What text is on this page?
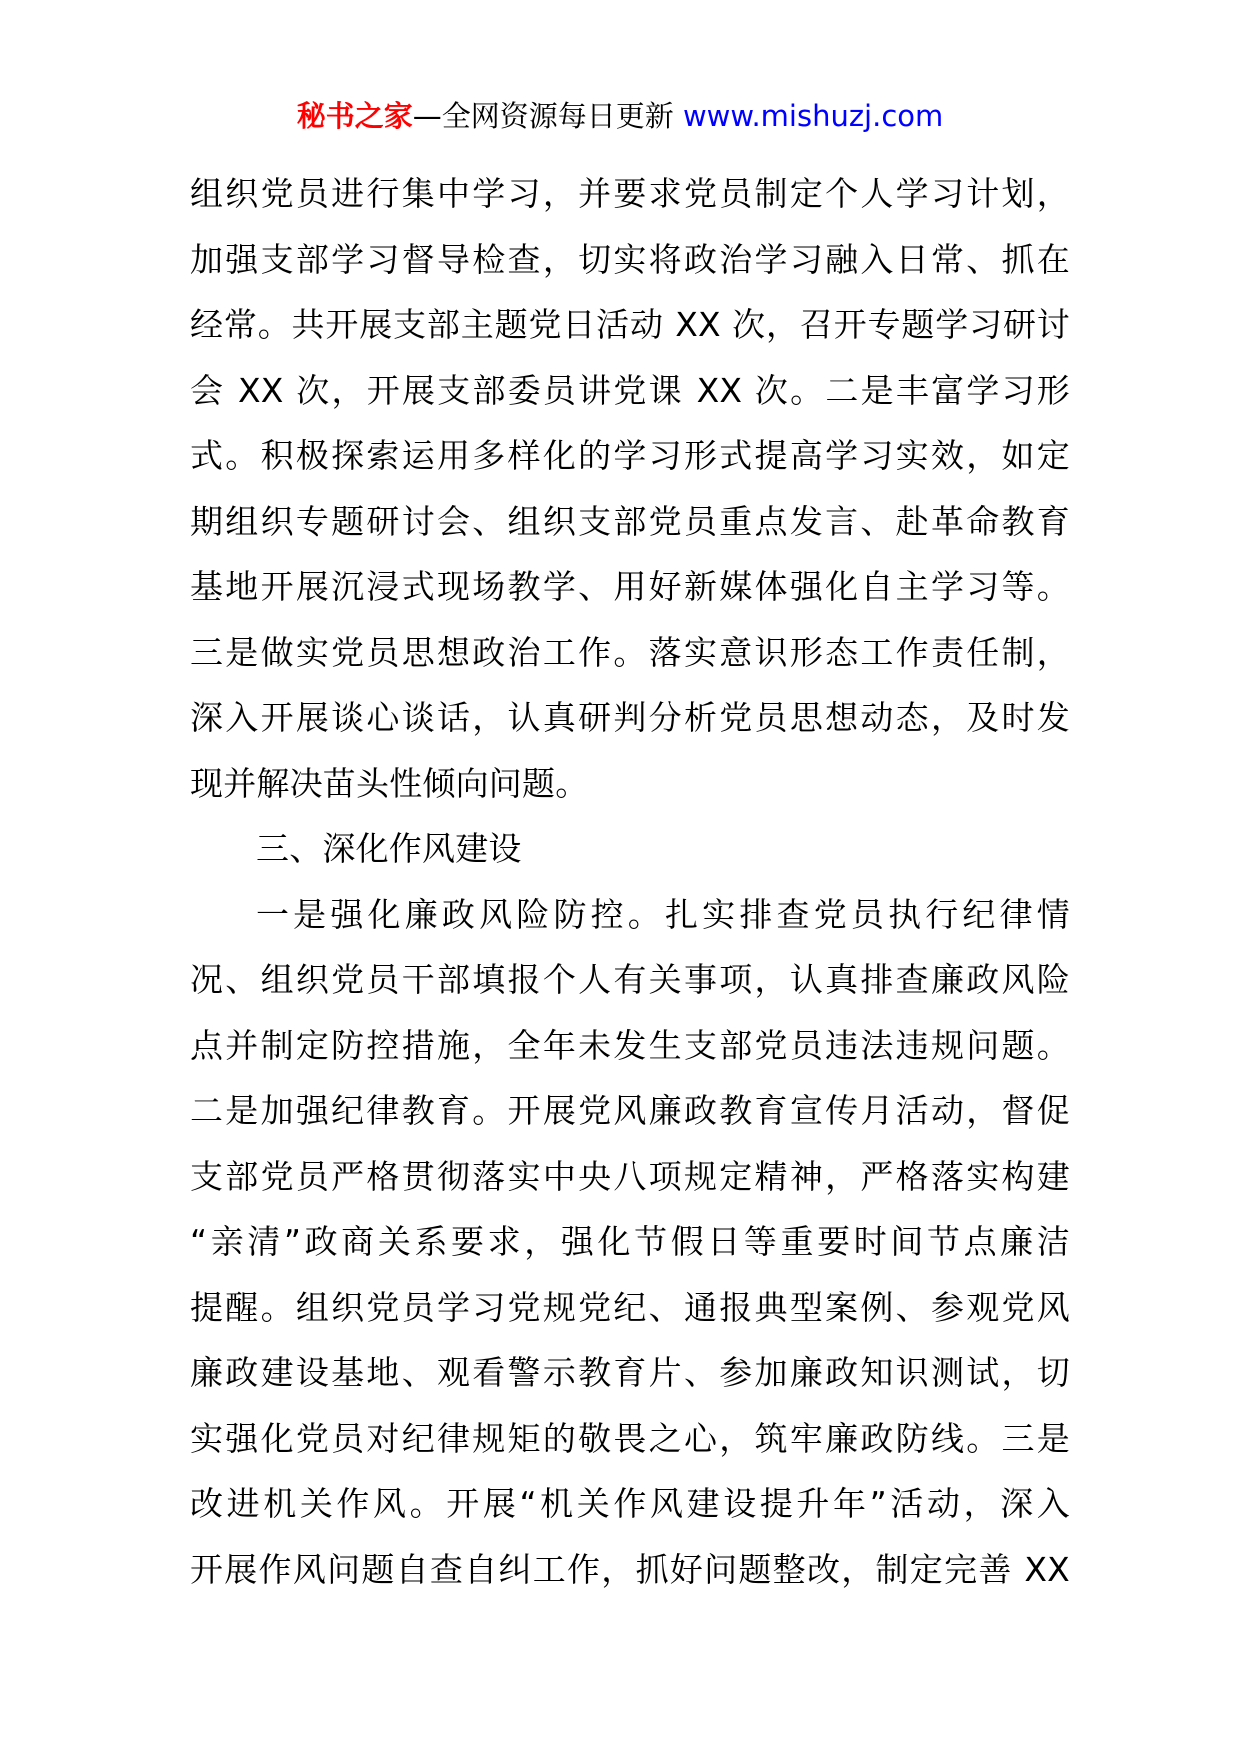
秘书之家—全网资源每日更新 www.mishuzj.com
组织党员进行集中学习，并要求党员制定个人学习计划，
加强支部学习督导检查，切实将政治学习融入日常、抓在
经常。共开展支部主题党日活动 XX 次，召开专题学习研讨
会 XX 次，开展支部委员讲党课 XX 次。二是丰富学习形
式。积极探索运用多样化的学习形式提高学习实效，如定
期组织专题研讨会、组织支部党员重点发言、赴革命教育
基地开展沉浸式现场教学、用好新媒体强化自主学习等。
三是做实党员思想政治工作。落实意识形态工作责任制，
深入开展谈心谈话，认真研判分析党员思想动态，及时发
现并解决苗头性倾向问题。
三、深化作风建设
一是强化廉政风险防控。扎实排查党员执行纪律情
况、组织党员干部填报个人有关事项，认真排查廉政风险
点并制定防控措施，全年未发生支部党员违法违规问题。
二是加强纪律教育。开展党风廉政教育宣传月活动，督促
支部党员严格贯彻落实中央八项规定精神，严格落实构建
“亲清”政商关系要求，强化节假日等重要时间节点廉洁
提醒。组织党员学习党规党纪、通报典型案例、参观党风
廉政建设基地、观看警示教育片、参加廉政知识测试，切
实强化党员对纪律规矩的敬畏之心，筑牢廉政防线。三是
改进机关作风。开展“机关作风建设提升年”活动，深入
开展作风问题自查自纠工作，抓好问题整改，制定完善 XX
